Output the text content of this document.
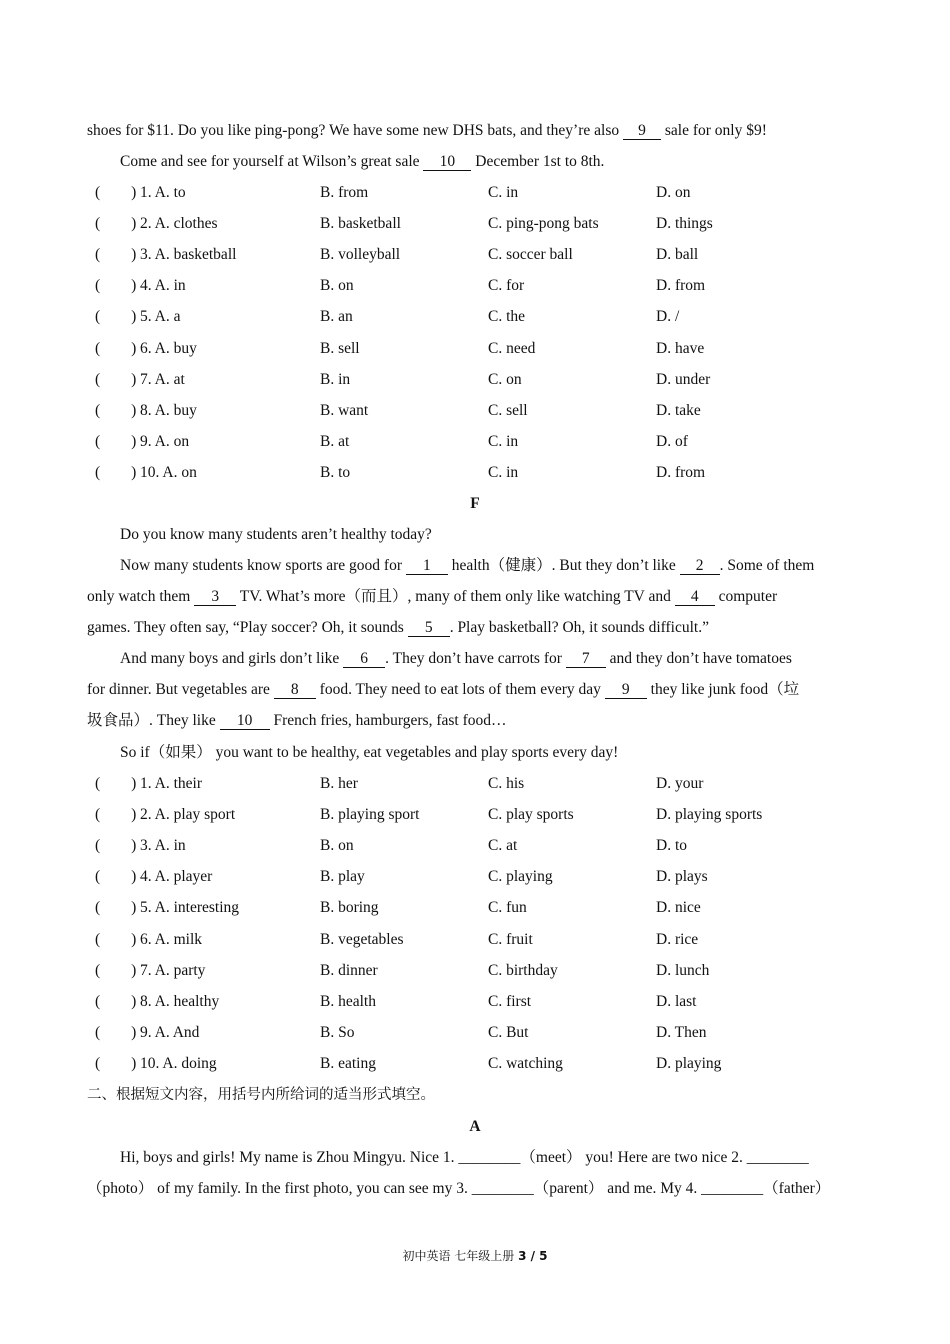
shoes for $11. Do you like ping-pong? We have some new DHS bats, and they’re also 9 sale for only $9!
Come and see for yourself at Wilson’s great sale 10 December 1st to 8th.
(　　) 1. A. to	B. from	C. in	D. on
(　　) 2. A. clothes	B. basketball	C. ping-pong bats	D. things
(　　) 3. A. basketball	B. volleyball	C. soccer ball	D. ball
(　　) 4. A. in	B. on	C. for	D. from
(　　) 5. A. a	B. an	C. the	D. /
(　　) 6. A. buy	B. sell	C. need	D. have
(　　) 7. A. at	B. in	C. on	D. under
(　　) 8. A. buy	B. want	C. sell	D. take
(　　) 9. A. on	B. at	C. in	D. of
(　　) 10. A. on	B. to	C. in	D. from
F
Do you know many students aren’t healthy today?
Now many students know sports are good for 1 health（健康）. But they don’t like 2 . Some of them
only watch them 3 TV. What’s more（而且）, many of them only like watching TV and 4 computer
games. They often say, “Play soccer? Oh, it sounds 5 . Play basketball? Oh, it sounds difficult.”
And many boys and girls don’t like 6 . They don’t have carrots for 7 and they don’t have tomatoes
for dinner. But vegetables are 8 food. They need to eat lots of them every day 9 they like junk food（垃
圾食品）. They like 10 French fries, hamburgers, fast food…
So if（如果） you want to be healthy, eat vegetables and play sports every day!
(　　) 1. A. their	B. her	C. his	D. your
(　　) 2. A. play sport	B. playing sport	C. play sports	D. playing sports
(　　) 3. A. in	B. on	C. at	D. to
(　　) 4. A. player	B. play	C. playing	D. plays
(　　) 5. A. interesting	B. boring	C. fun	D. nice
(　　) 6. A. milk	B. vegetables	C. fruit	D. rice
(　　) 7. A. party	B. dinner	C. birthday	D. lunch
(　　) 8. A. healthy	B. health	C. first	D. last
(　　) 9. A. And	B. So	C. But	D. Then
(　　) 10. A. doing	B. eating	C. watching	D. playing
二、根据短文内容，用括号内所给词的适当形式填空。
A
Hi, boys and girls! My name is Zhou Mingyu. Nice 1. ________（meet） you! Here are two nice 2. ________
（photo） of my family. In the first photo, you can see my 3. ________（parent） and me. My 4. ________（father）
初中英语 七年级上册 3 / 5
